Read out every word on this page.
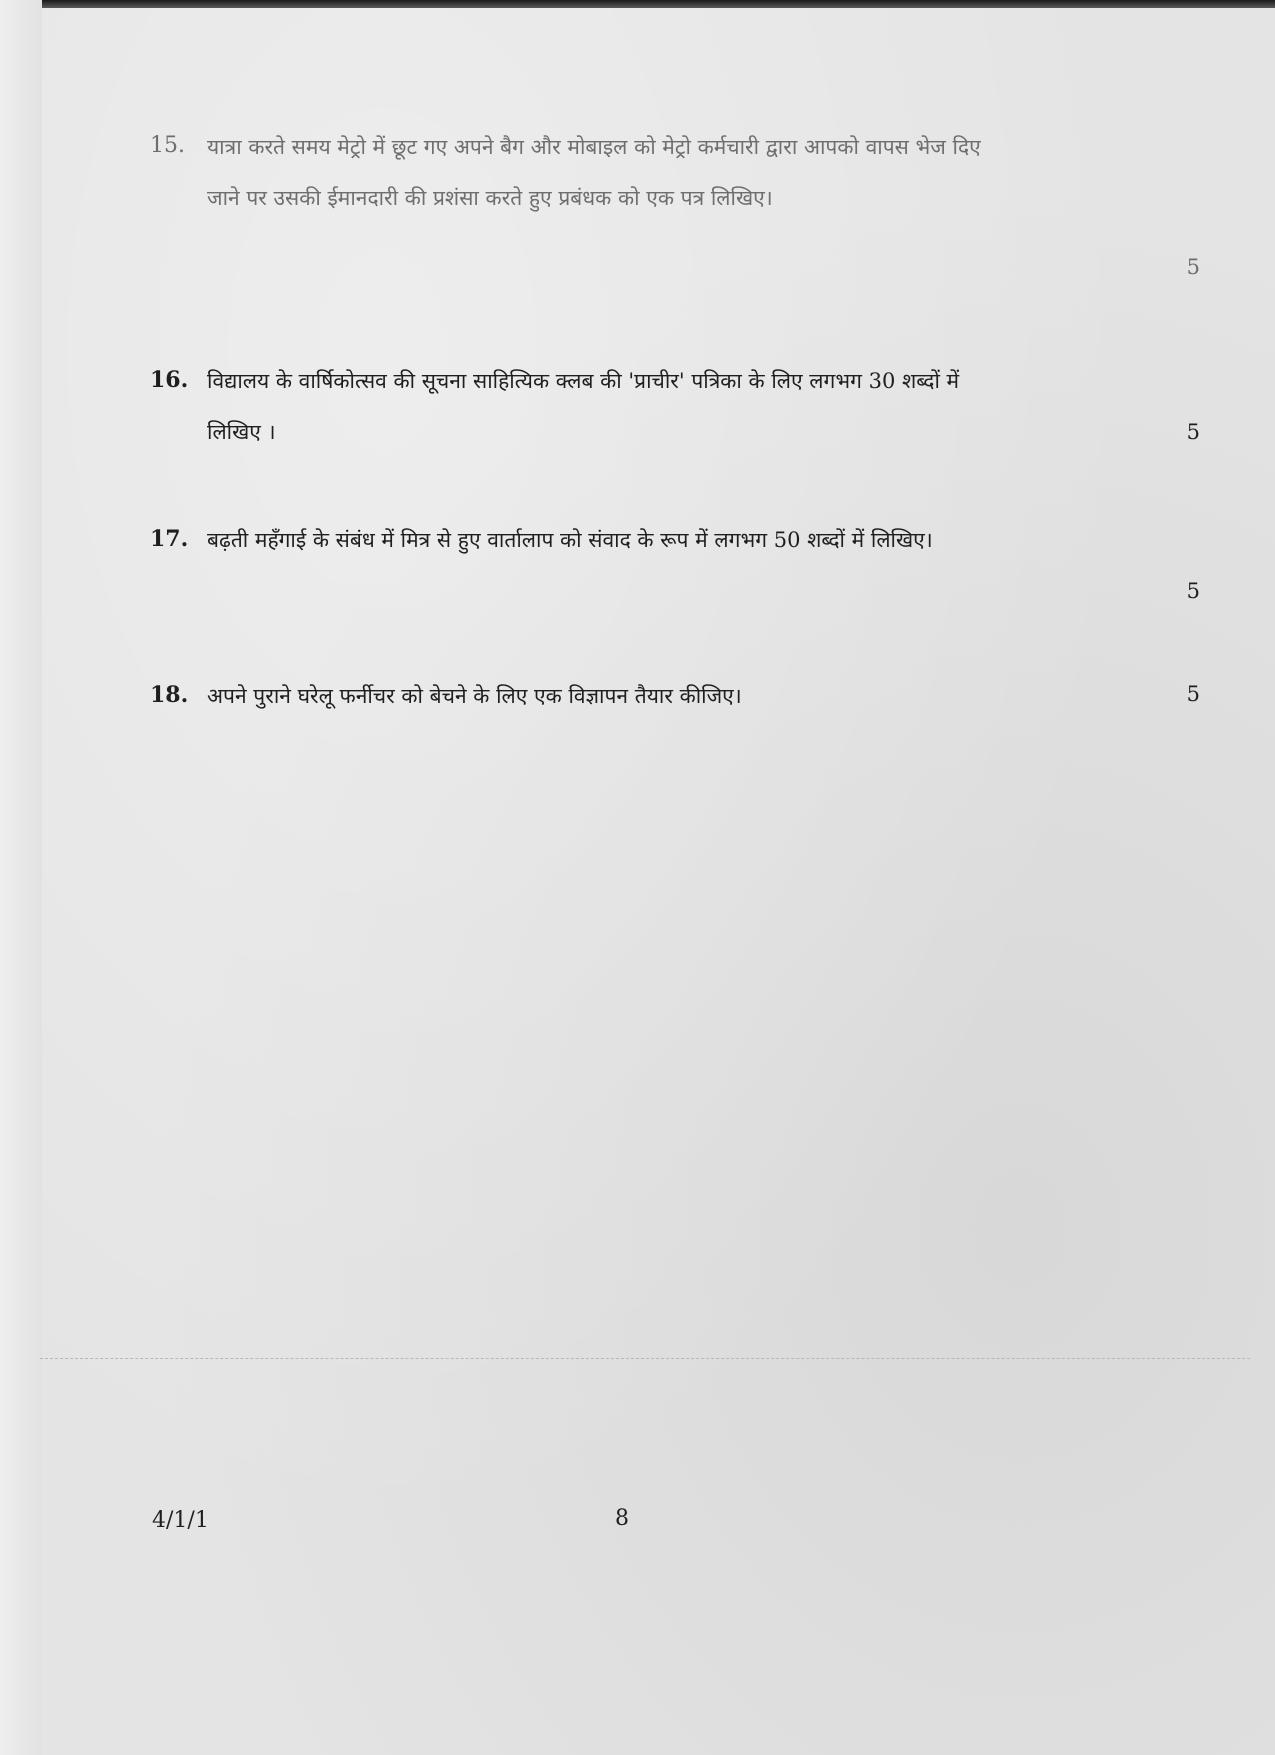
15.	यात्रा करते समय मेट्रो में छूट गए अपने बैग और मोबाइल को मेट्रो कर्मचारी द्वारा आपको वापस भेज दिए जाने पर उसकी ईमानदारी की प्रशंसा करते हुए प्रबंधक को एक पत्र लिखिए।
5
16. विद्यालय के वार्षिकोत्सव की सूचना साहित्यिक क्लब की 'प्राचीर' पत्रिका के लिए लगभग 30 शब्दों में लिखिए ।	5
17. बढ़ती महँगाई के संबंध में मित्र से हुए वार्तालाप को संवाद के रूप में लगभग 50 शब्दों में लिखिए।
5
18. अपने पुराने घरेलू फर्नीचर को बेचने के लिए एक विज्ञापन तैयार कीजिए।	5
4/1/1	8
